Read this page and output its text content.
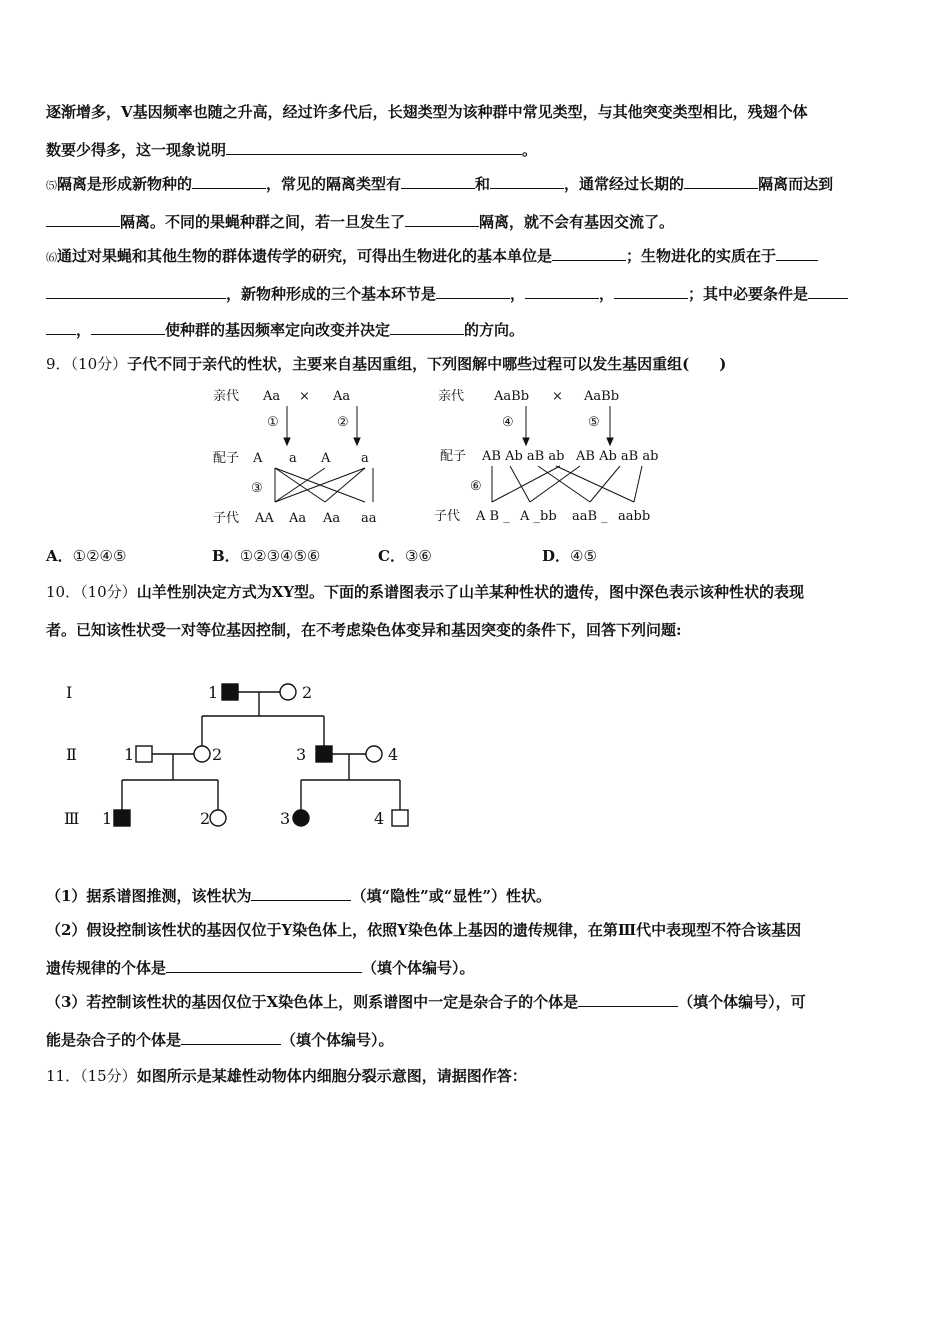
逐渐增多，V基因频率也随之升高，经过许多代后，长翅类型为该种群中常见类型，与其他突变类型相比，残翅个体
数要少得多，这一现象说明	。
⑸隔离是形成新物种的	，常见的隔离类型有	和	，通常经过长期的	隔离而达到
隔离。不同的果蝇种群之间，若一旦发生了	隔离，就不会有基因交流了。
⑹通过对果蝇和其他生物的群体遗传学的研究，可得出生物进化的基本单位是	；生物进化的实质在于
，新物种形成的三个基本环节是	，	，	；其中必要条件是
，	使种群的基因频率定向改变并决定	的方向。
9．（10分）子代不同于亲代的性状，主要来自基因重组，下列图解中哪些过程可以发生基因重组(　　)
亲代 Aa × Aa
①	②
配子 A a A a
③
子代 AA Aa Aa aa
亲代 AaBb × AaBb
④	⑤
配子 AB Ab aB ab AB Ab aB ab
⑥
子代 A B _ A _bb aaB _ aabb
A．①②④⑤	B．①②③④⑤⑥	C．③⑥	D．④⑤
10．（10分）山羊性别决定方式为XY型。下面的系谱图表示了山羊某种性状的遗传，图中深色表示该种性状的表现
者。已知该性状受一对等位基因控制，在不考虑染色体变异和基因突变的条件下，回答下列问题:
Ⅰ
Ⅱ
Ⅲ
1	2
1	2	3	4
1	2	3	4
（1）据系谱图推测，该性状为	（填“隐性”或“显性”）性状。
（2）假设控制该性状的基因仅位于Y染色体上，依照Y染色体上基因的遗传规律，在第Ⅲ代中表现型不符合该基因
遗传规律的个体是	（填个体编号）。
（3）若控制该性状的基因仅位于X染色体上，则系谱图中一定是杂合子的个体是	（填个体编号），可
能是杂合子的个体是	（填个体编号）。
11．（15分）如图所示是某雄性动物体内细胞分裂示意图，请据图作答：
